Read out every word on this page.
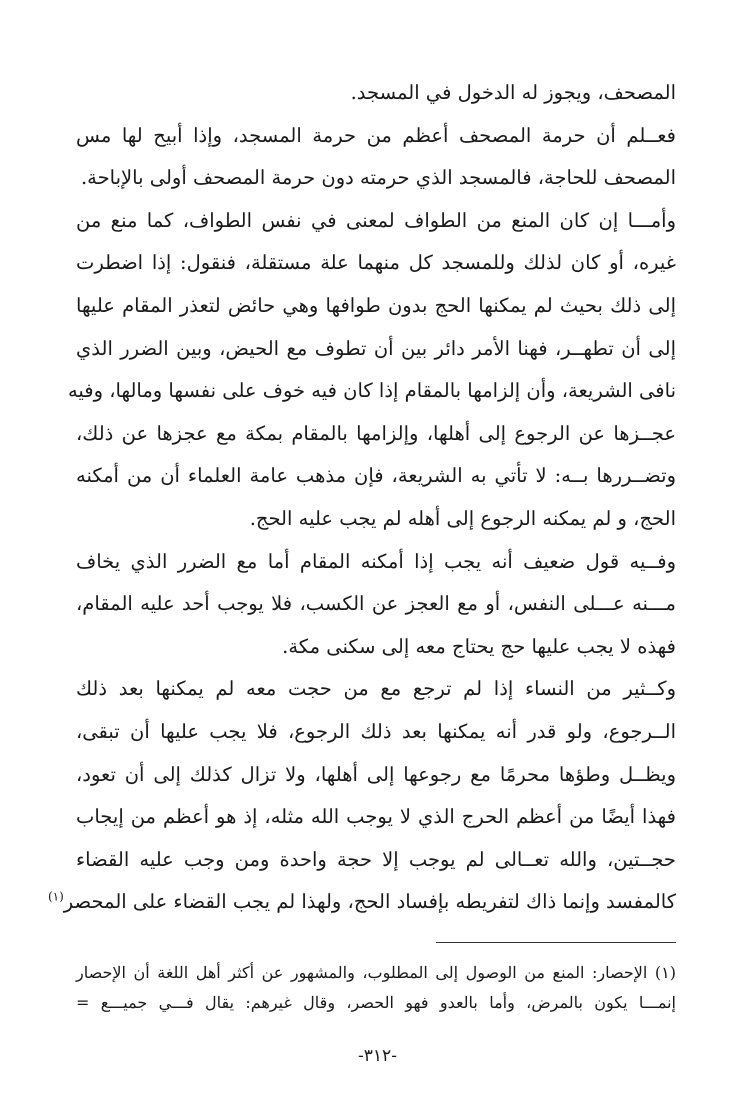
المصحف، ويجوز له الدخول في المسجد.
فعــلم أن حرمة المصحف أعظم من حرمة المسجد، وإذا أبيح لها مس
المصحف للحاجة، فالمسجد الذي حرمته دون حرمة المصحف أولى بالإباحة.
وأمـــا إن كان المنع من الطواف لمعنى في نفس الطواف، كما منع من
غيره، أو كان لذلك وللمسجد كل منهما علة مستقلة، فنقول: إذا اضطرت
إلى ذلك بحيث لم يمكنها الحج بدون طوافها وهي حائض لتعذر المقام عليها
إلى أن تطهــر، فهنا الأمر دائر بين أن تطوف مع الحيض، وبين الضرر الذي
نافى الشريعة، وأن إلزامها بالمقام إذا كان فيه خوف على نفسها ومالها، وفيه
عجــزها عن الرجوع إلى أهلها، وإلزامها بالمقام بمكة مع عجزها عن ذلك،
وتضــررها بــه: لا تأتي به الشريعة، فإن مذهب عامة العلماء أن من أمكنه
الحج، و لم يمكنه الرجوع إلى أهله لم يجب عليه الحج.
وفــيه قول ضعيف أنه يجب إذا أمكنه المقام أما مع الضرر الذي يخاف
مـــنه عـــلى النفس، أو مع العجز عن الكسب، فلا يوجب أحد عليه المقام،
فهذه لا يجب عليها حج يحتاج معه إلى سكنى مكة.
وكــثير من النساء إذا لم ترجع مع من حجت معه لم يمكنها بعد ذلك
الــرجوع، ولو قدر أنه يمكنها بعد ذلك الرجوع، فلا يجب عليها أن تبقى،
ويظــل وطؤها محرمًا مع رجوعها إلى أهلها، ولا تزال كذلك إلى أن تعود،
فهذا أيضًا من أعظم الحرج الذي لا يوجب الله مثله، إذ هو أعظم من إيجاب
حجــتين، والله تعــالى لم يوجب إلا حجة واحدة ومن وجب عليه القضاء
كالمفسد وإنما ذاك لتفريطه بإفساد الحج، ولهذا لم يجب القضاء على المحصر$^{(١)}$
(١) الإحصار: المنع من الوصول إلى المطلوب، والمشهور عن أكثر أهل اللغة أن الإحصار
إنمـــا يكون بالمرض، وأما بالعدو فهو الحصر، وقال غيرهم: يقال فـــي جميـــع =
-٣١٢-
